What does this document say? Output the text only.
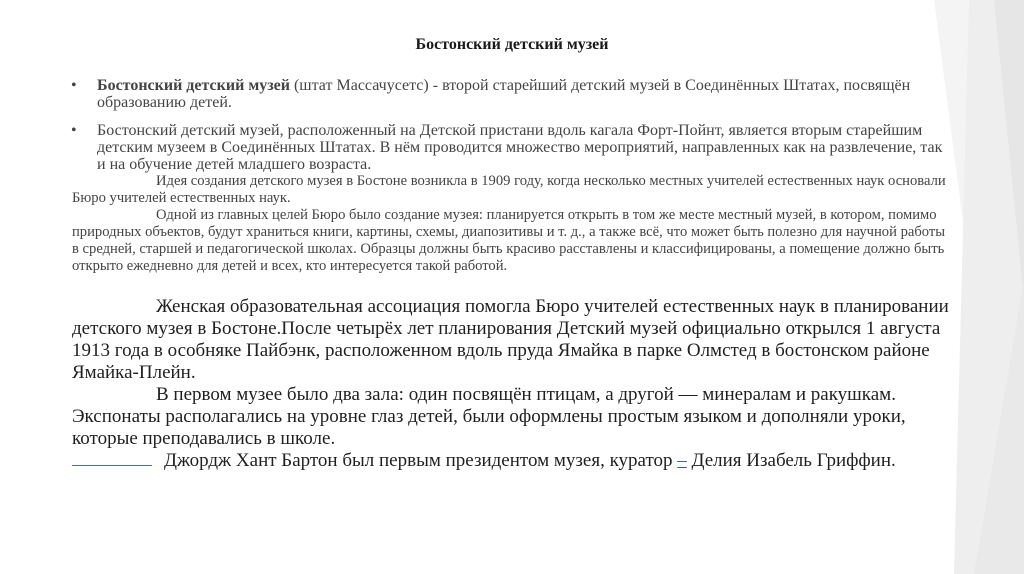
Бостонский детский музей
• Бостонский детский музей (штат Массачусетс) - второй старейший детский музей в Соединённых Штатах, посвящён образованию детей.
• Бостонский детский музей, расположенный на Детской пристани вдоль кагала Форт-Пойнт, является вторым старейшим детским музеем в Соединённых Штатах. В нём проводится множество мероприятий, направленных как на развлечение, так и на обучение детей младшего возраста.
Идея создания детского музея в Бостоне возникла в 1909 году, когда несколько местных учителей естественных наук основали Бюро учителей естественных наук.
Одной из главных целей Бюро было создание музея: планируется открыть в том же месте местный музей, в котором, помимо природных объектов, будут храниться книги, картины, схемы, диапозитивы и т. д., а также всё, что может быть полезно для научной работы в средней, старшей и педагогической школах. Образцы должны быть красиво расставлены и классифицированы, а помещение должно быть открыто ежедневно для детей и всех, кто интересуется такой работой.
Женская образовательная ассоциация помогла Бюро учителей естественных наук в планировании детского музея в Бостоне.После четырёх лет планирования Детский музей официально открылся 1 августа 1913 года в особняке Пайбэнк, расположенном вдоль пруда Ямайка в парке Олмстед в бостонском районе Ямайка-Плейн.
В первом музее было два зала: один посвящён птицам, а другой — минералам и ракушкам. Экспонаты располагались на уровне глаз детей, были оформлены простым языком и дополняли уроки, которые преподавались в школе.
Джордж Хант Бартон был первым президентом музея, куратор – Делия Изабель Гриффин.
